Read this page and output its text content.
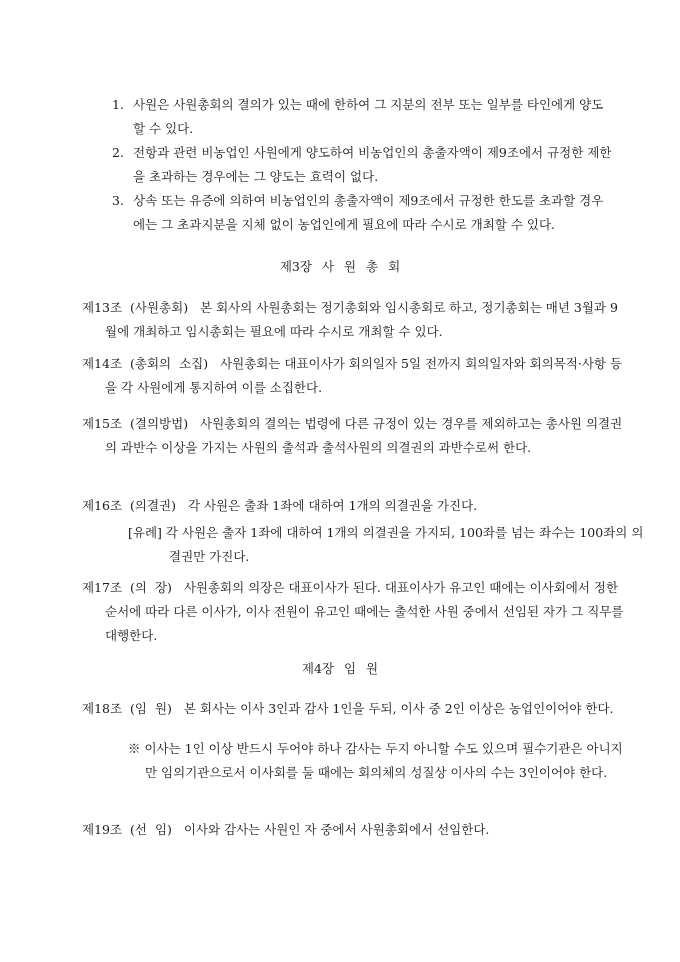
1. 사원은 사원총회의 결의가 있는 때에 한하여 그 지분의 전부 또는 일부를 타인에게 양도할 수 있다.
2. 전항과 관련 비농업인 사원에게 양도하여 비농업인의 총출자액이 제9조에서 규정한 제한을 초과하는 경우에는 그 양도는 효력이 없다.
3. 상속 또는 유증에 의하여 비농업인의 총출자액이 제9조에서 규정한 한도를 초과할 경우에는 그 초과지분을 지체 없이 농업인에게 필요에 따라 수시로 개최할 수 있다.
제3장 사 원 총 회
제13조 (사원총회) 본 회사의 사원총회는 정기총회와 임시총회로 하고, 정기총회는 매년 3월과 9월에 개최하고 임시총회는 필요에 따라 수시로 개최할 수 있다.
제14조 (총회의 소집) 사원총회는 대표이사가 회의일자 5일 전까지 회의일자와 회의목적·사항 등을 각 사원에게 통지하여 이를 소집한다.
제15조 (결의방법) 사원총회의 결의는 법령에 다른 규정이 있는 경우를 제외하고는 총사원 의결권의 과반수 이상을 가지는 사원의 출석과 출석사원의 의결권의 과반수로써 한다.
제16조 (의결권) 각 사원은 출좌 1좌에 대하여 1개의 의결권을 가진다.
[유례] 각 사원은 출자 1좌에 대하여 1개의 의결권을 가지되, 100좌를 넘는 좌수는 100좌의 의결권만 가진다.
제17조 (의 장) 사원총회의 의장은 대표이사가 된다. 대표이사가 유고인 때에는 이사회에서 정한 순서에 따라 다른 이사가, 이사 전원이 유고인 때에는 출석한 사원 중에서 선임된 자가 그 직무를 대행한다.
제4장 임 원
제18조 (임 원) 본 회사는 이사 3인과 감사 1인을 두되, 이사 중 2인 이상은 농업인이어야 한다.
※ 이사는 1인 이상 반드시 두어야 하나 감사는 두지 아니할 수도 있으며 필수기관은 아니지만 임의기관으로서 이사회를 둘 때에는 회의체의 성질상 이사의 수는 3인이어야 한다.
제19조 (선 임) 이사와 감사는 사원인 자 중에서 사원총회에서 선임한다.
